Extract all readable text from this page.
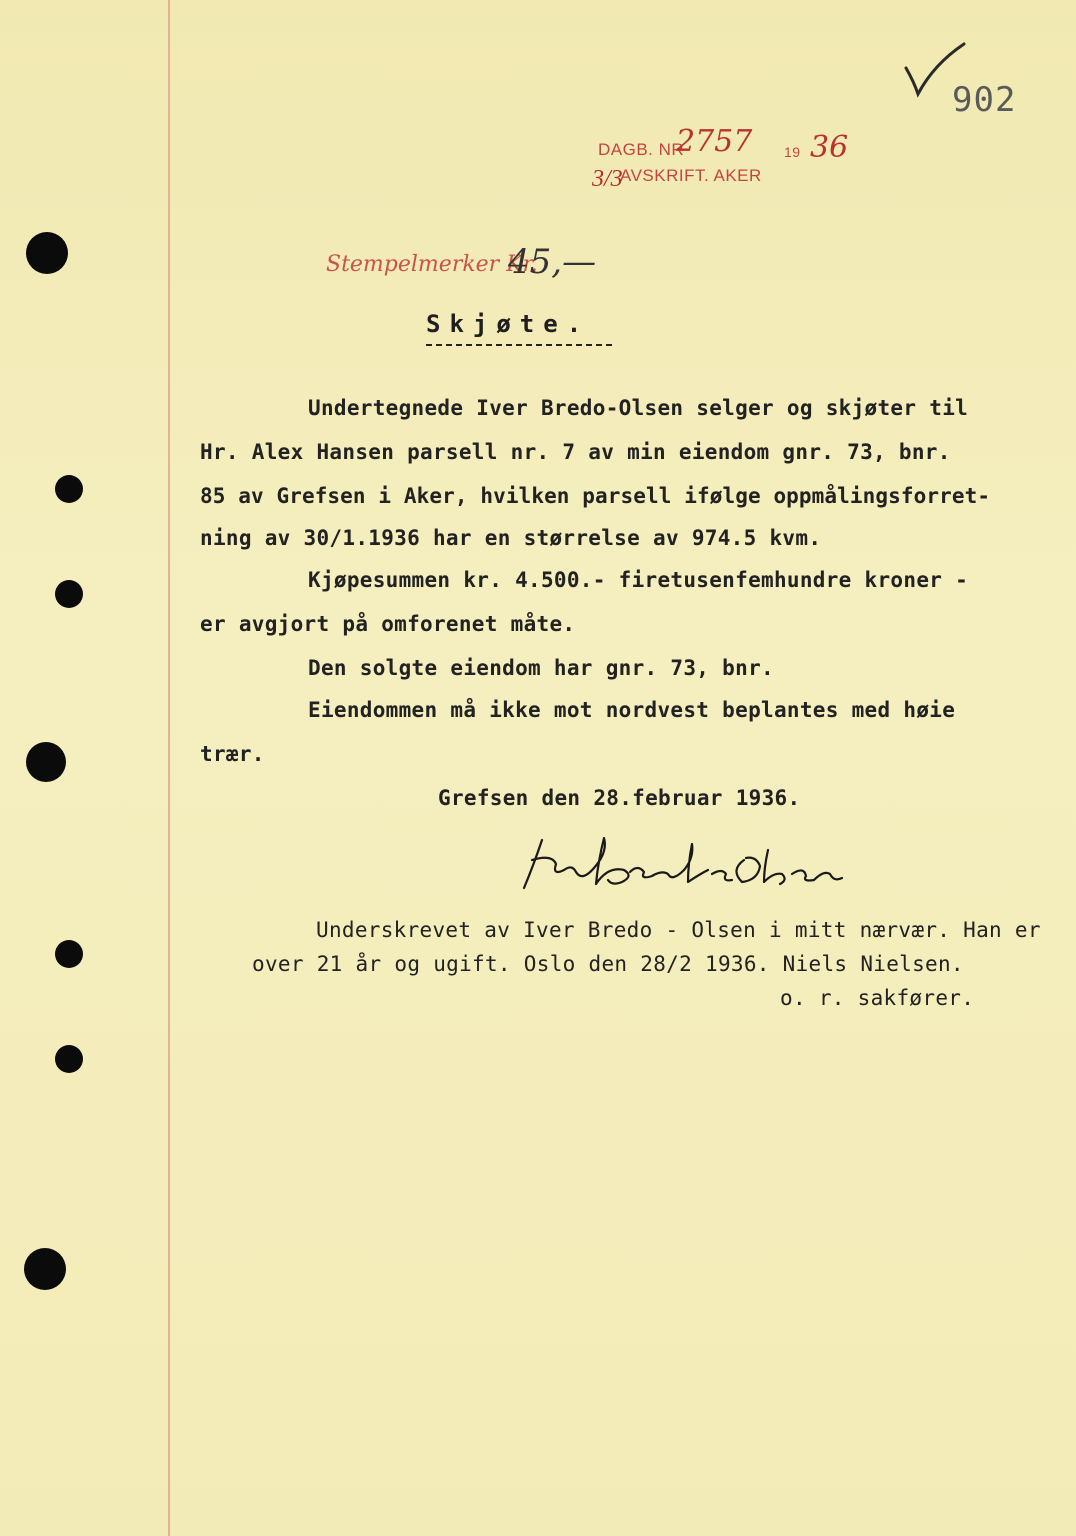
902
DAGB. NR
2757 19 36
AVSKRIFT. AKER
3/3
Stempelmerker Kr.
45,—
Skjøte.
Undertegnede Iver Bredo-Olsen selger og skjøter til
Hr. Alex Hansen parsell nr. 7 av min eiendom gnr. 73, bnr.
85 av Grefsen i Aker, hvilken parsell ifølge oppmålingsforret-
ning av 30/1.1936 har en størrelse av 974.5 kvm.
Kjøpesummen kr. 4.500.- firetusenfemhundre kroner -
er avgjort på omforenet måte.
Den solgte eiendom har gnr. 73, bnr.
Eiendommen må ikke mot nordvest beplantes med høie
trær.
Grefsen den 28.februar 1936.
Underskrevet av Iver Bredo - Olsen i mitt nærvær. Han er
over 21 år og ugift. Oslo den 28/2 1936. Niels Nielsen.
o. r. sakfører.
